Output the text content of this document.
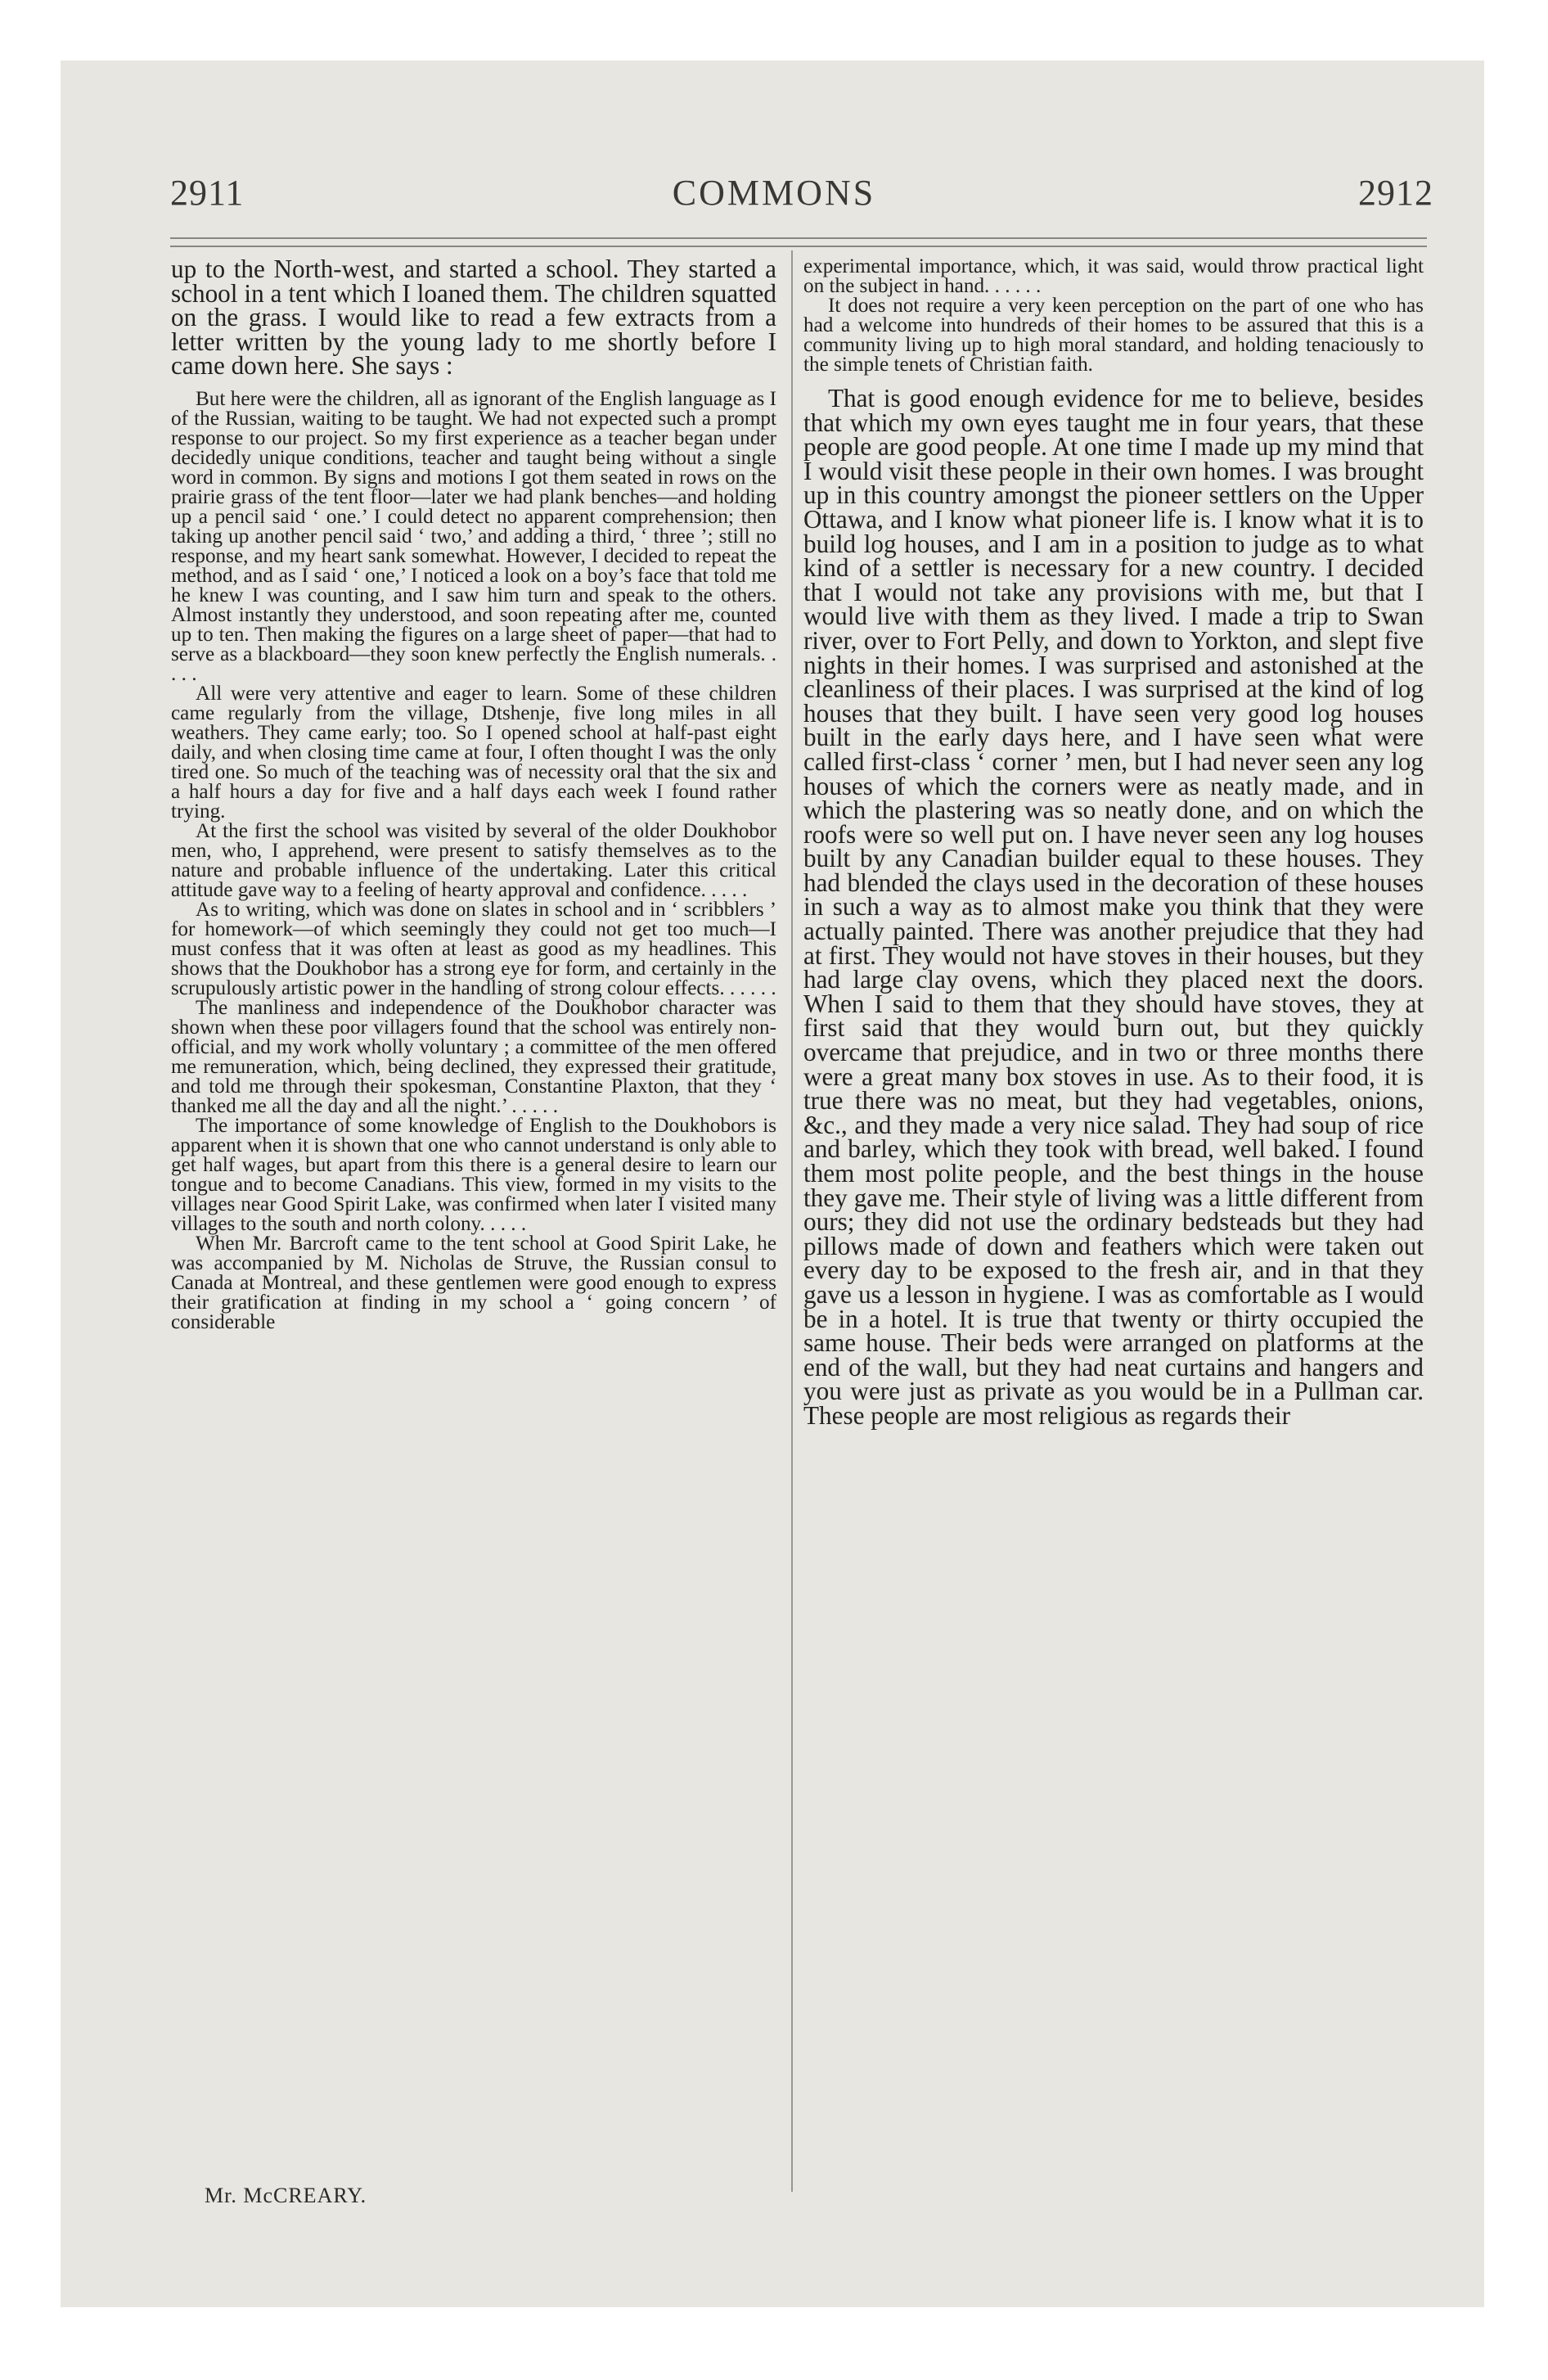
2911	COMMONS	2912

up to the North-west, and started a school. They started a school in a tent which I loaned them. The children squatted on the grass. I would like to read a few extracts from a letter written by the young lady to me shortly before I came down here. She says :

But here were the children, all as ignorant of the English language as I of the Russian, waiting to be taught. We had not expected such a prompt response to our project. So my first experience as a teacher began under decidedly unique conditions, teacher and taught being without a single word in common. By signs and motions I got them seated in rows on the prairie grass of the tent floor—later we had plank benches—and holding up a pencil said ‘ one.’ I could detect no apparent comprehension; then taking up another pencil said ‘ two,’ and adding a third, ‘ three ’; still no response, and my heart sank somewhat. However, I decided to repeat the method, and as I said ‘ one,’ I noticed a look on a boy’s face that told me he knew I was counting, and I saw him turn and speak to the others. Almost instantly they understood, and soon repeating after me, counted up to ten. Then making the figures on a large sheet of paper—that had to serve as a blackboard—they soon knew perfectly the English numerals. . . . .

All were very attentive and eager to learn. Some of these children came regularly from the village, Dtshenje, five long miles in all weathers. They came early; too. So I opened school at half-past eight daily, and when closing time came at four, I often thought I was the only tired one. So much of the teaching was of necessity oral that the six and a half hours a day for five and a half days each week I found rather trying.

At the first the school was visited by several of the older Doukhobor men, who, I apprehend, were present to satisfy themselves as to the nature and probable influence of the undertaking. Later this critical attitude gave way to a feeling of hearty approval and confidence. . . . .

As to writing, which was done on slates in school and in ‘ scribblers ’ for homework—of which seemingly they could not get too much—I must confess that it was often at least as good as my headlines. This shows that the Doukhobor has a strong eye for form, and certainly in the scrupulously artistic power in the handling of strong colour effects. . . . . .

The manliness and independence of the Doukhobor character was shown when these poor villagers found that the school was entirely non-official, and my work wholly voluntary ; a committee of the men offered me remuneration, which, being declined, they expressed their gratitude, and told me through their spokesman, Constantine Plaxton, that they ‘ thanked me all the day and all the night.’ . . . . .

The importance of some knowledge of English to the Doukhobors is apparent when it is shown that one who cannot understand is only able to get half wages, but apart from this there is a general desire to learn our tongue and to become Canadians. This view, formed in my visits to the villages near Good Spirit Lake, was confirmed when later I visited many villages to the south and north colony. . . . .

When Mr. Barcroft came to the tent school at Good Spirit Lake, he was accompanied by M. Nicholas de Struve, the Russian consul to Canada at Montreal, and these gentlemen were good enough to express their gratification at finding in my school a ‘ going concern ’ of considerable

experimental importance, which, it was said, would throw practical light on the subject in hand. . . . . .

It does not require a very keen perception on the part of one who has had a welcome into hundreds of their homes to be assured that this is a community living up to high moral standard, and holding tenaciously to the simple tenets of Christian faith.

That is good enough evidence for me to believe, besides that which my own eyes taught me in four years, that these people are good people. At one time I made up my mind that I would visit these people in their own homes. I was brought up in this country amongst the pioneer settlers on the Upper Ottawa, and I know what pioneer life is. I know what it is to build log houses, and I am in a position to judge as to what kind of a settler is necessary for a new country. I decided that I would not take any provisions with me, but that I would live with them as they lived. I made a trip to Swan river, over to Fort Pelly, and down to Yorkton, and slept five nights in their homes. I was surprised and astonished at the cleanliness of their places. I was surprised at the kind of log houses that they built. I have seen very good log houses built in the early days here, and I have seen what were called first-class ‘ corner ’ men, but I had never seen any log houses of which the corners were as neatly made, and in which the plastering was so neatly done, and on which the roofs were so well put on. I have never seen any log houses built by any Canadian builder equal to these houses. They had blended the clays used in the decoration of these houses in such a way as to almost make you think that they were actually painted. There was another prejudice that they had at first. They would not have stoves in their houses, but they had large clay ovens, which they placed next the doors. When I said to them that they should have stoves, they at first said that they would burn out, but they quickly overcame that prejudice, and in two or three months there were a great many box stoves in use. As to their food, it is true there was no meat, but they had vegetables, onions, &c., and they made a very nice salad. They had soup of rice and barley, which they took with bread, well baked. I found them most polite people, and the best things in the house they gave me. Their style of living was a little different from ours; they did not use the ordinary bedsteads but they had pillows made of down and feathers which were taken out every day to be exposed to the fresh air, and in that they gave us a lesson in hygiene. I was as comfortable as I would be in a hotel. It is true that twenty or thirty occupied the same house. Their beds were arranged on platforms at the end of the wall, but they had neat curtains and hangers and you were just as private as you would be in a Pullman car. These people are most religious as regards their

Mr. McCREARY.
